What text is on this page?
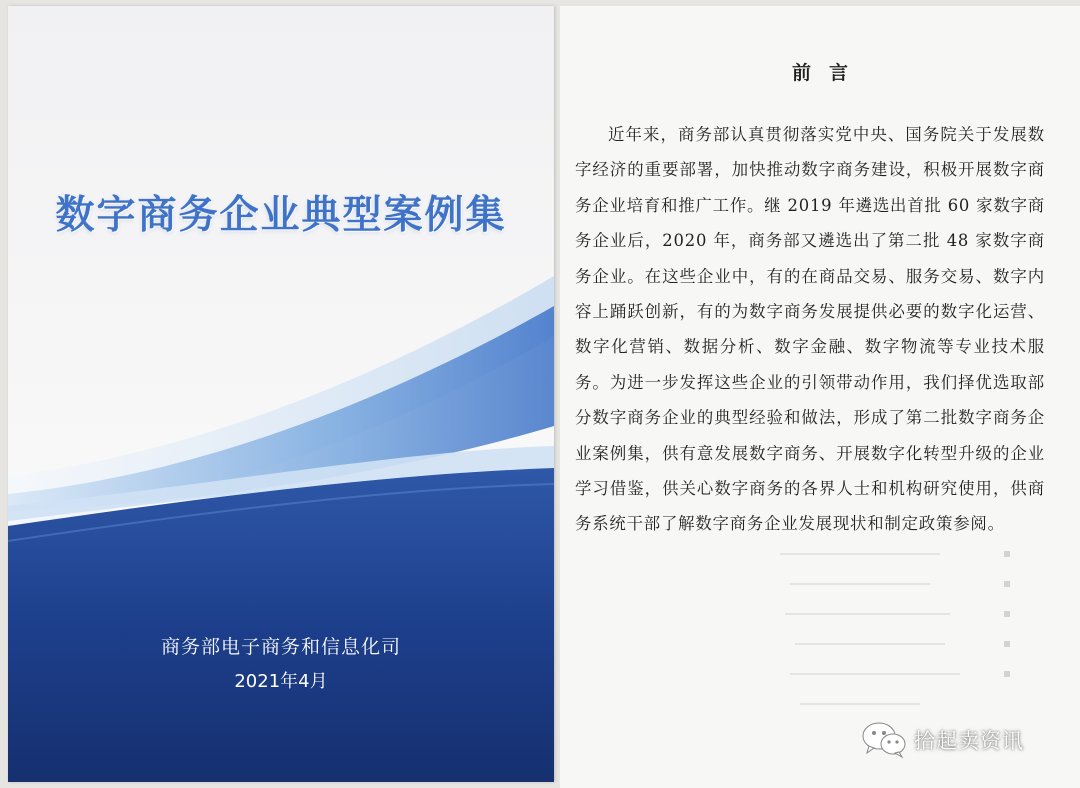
数字商务企业典型案例集
商务部电子商务和信息化司
2021年4月
前言
近年来，商务部认真贯彻落实党中央、国务院关于发展数字经济的重要部署，加快推动数字商务建设，积极开展数字商务企业培育和推广工作。继 2019 年遴选出首批 60 家数字商务企业后，2020 年，商务部又遴选出了第二批 48 家数字商务企业。在这些企业中，有的在商品交易、服务交易、数字内容上踊跃创新，有的为数字商务发展提供必要的数字化运营、数字化营销、数据分析、数字金融、数字物流等专业技术服务。为进一步发挥这些企业的引领带动作用，我们择优选取部分数字商务企业的典型经验和做法，形成了第二批数字商务企业案例集，供有意发展数字商务、开展数字化转型升级的企业学习借鉴，供关心数字商务的各界人士和机构研究使用，供商务系统干部了解数字商务企业发展现状和制定政策参阅。
拾起卖资讯
